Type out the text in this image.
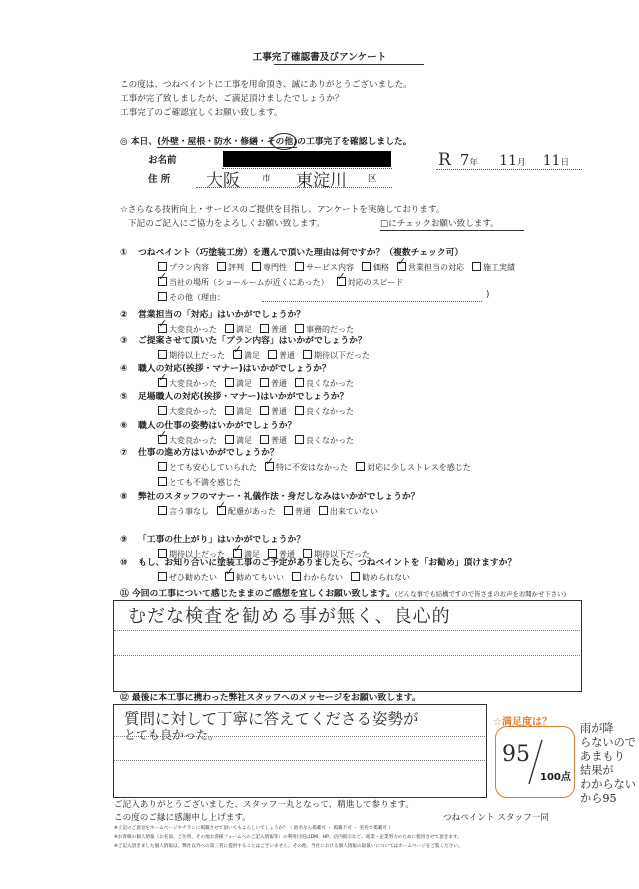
工事完了確認書及びアンケート
この度は、つねペイントに工事を用命頂き、誠にありがとうございました。
工事が完了致しましたが、ご満足頂けましたでしょうか？
工事完了のご確認宜しくお願い致します。
◎ 本日、(外壁・屋根・防水・修繕・その他)の工事完了を確認しました。
お名前
住 所 大阪	市 東淀川 区
R 7年 11月 11日
☆さらなる技術向上・サービスのご提供を目指し、アンケートを実施しております。
下記のご記入にご協力をよろしくお願い致します。	□にチェックお願い致します。
① つねペイント（巧塗装工房）を選んで頂いた理由は何ですか？（複数チェック可）
プラン内容 評判 専門性 サービス内容 価格 ✓ 営業担当の対応 施工実績
✓当社の場所（ショールームが近くにあった） ✓ 対応のスピード
その他（理由：
② 営業担当の「対応」はいかがでしょうか？
✓大変良かった 満足 普通 事務的だった
③ ご提案させて頂いた「プラン内容」はいかがでしょうか？
期待以上だった ✓ 満足 普通 期待以下だった
④ 職人の対応(挨拶・マナー)はいかがでしょうか？
✓大変良かった 満足 普通 良くなかった
⑤ 足場職人の対応(挨拶・マナー)はいかがでしょうか？
大変良かった 満足 普通 良くなかった
⑥ 職人の仕事の姿勢はいかがでしょうか？
✓大変良かった 満足 普通 良くなかった
⑦ 仕事の進め方はいかがでしょうか？
とても安心していられた ✓ 特に不安はなかった 対応に少しストレスを感じた
とても不満を感じた
⑧ 弊社のスタッフのマナー・礼儀作法・身だしなみはいかがでしょうか？
言う事なし ✓ 配慮があった 普通 出来ていない
⑨ 「工事の仕上がり」はいかがでしょうか？
期待以上だった ✓ 満足 普通 期待以下だった
⑩ もし、お知り合いに塗装工事のご予定がありましたら、つねペイントを「お勧め」頂けますか？
ぜひ勧めたい ✓ 勧めてもいい わからない 勧められない
)
⑪ 今回の工事について感じたままのご感想を宜しくお願い致します。(どんな事でも結構ですので皆さまのお声をお聞かせ下さい)
むだな検査を勧める事が無く、良心的
⑫ 最後に本工事に携わった弊社スタッフへのメッセージをお願い致します。
質問に対して丁寧に答えてくださる姿勢が
とても良かった。
☆満足度は？
95
100点
雨が降
らないので
あまもり
結果が
わからない
から95
ご記入ありがとうございました、スタッフ一丸となって、精進して参ります。
この度のご縁に感謝申し上げます。	つねペイント スタッフ一同
※上記のご意見をホームページやチラシに掲載させて頂いてもよろしいでしょうか？（ 匿名なら掲載可 ・ 掲載不可 ・ 実名で掲載可 ）
※お客様の個人情報（お名前、ご住所、その他お客様フォームへのご記入情報等）の利用目的はDM、HP、店内掲示など、商業・企業努力のために使用させて頂きます。
※ご記入頂きました個人情報は、弊社以外への第三者に提供することはございません。その他、当社における個人情報の取扱いについてはホームページをご覧ください。
